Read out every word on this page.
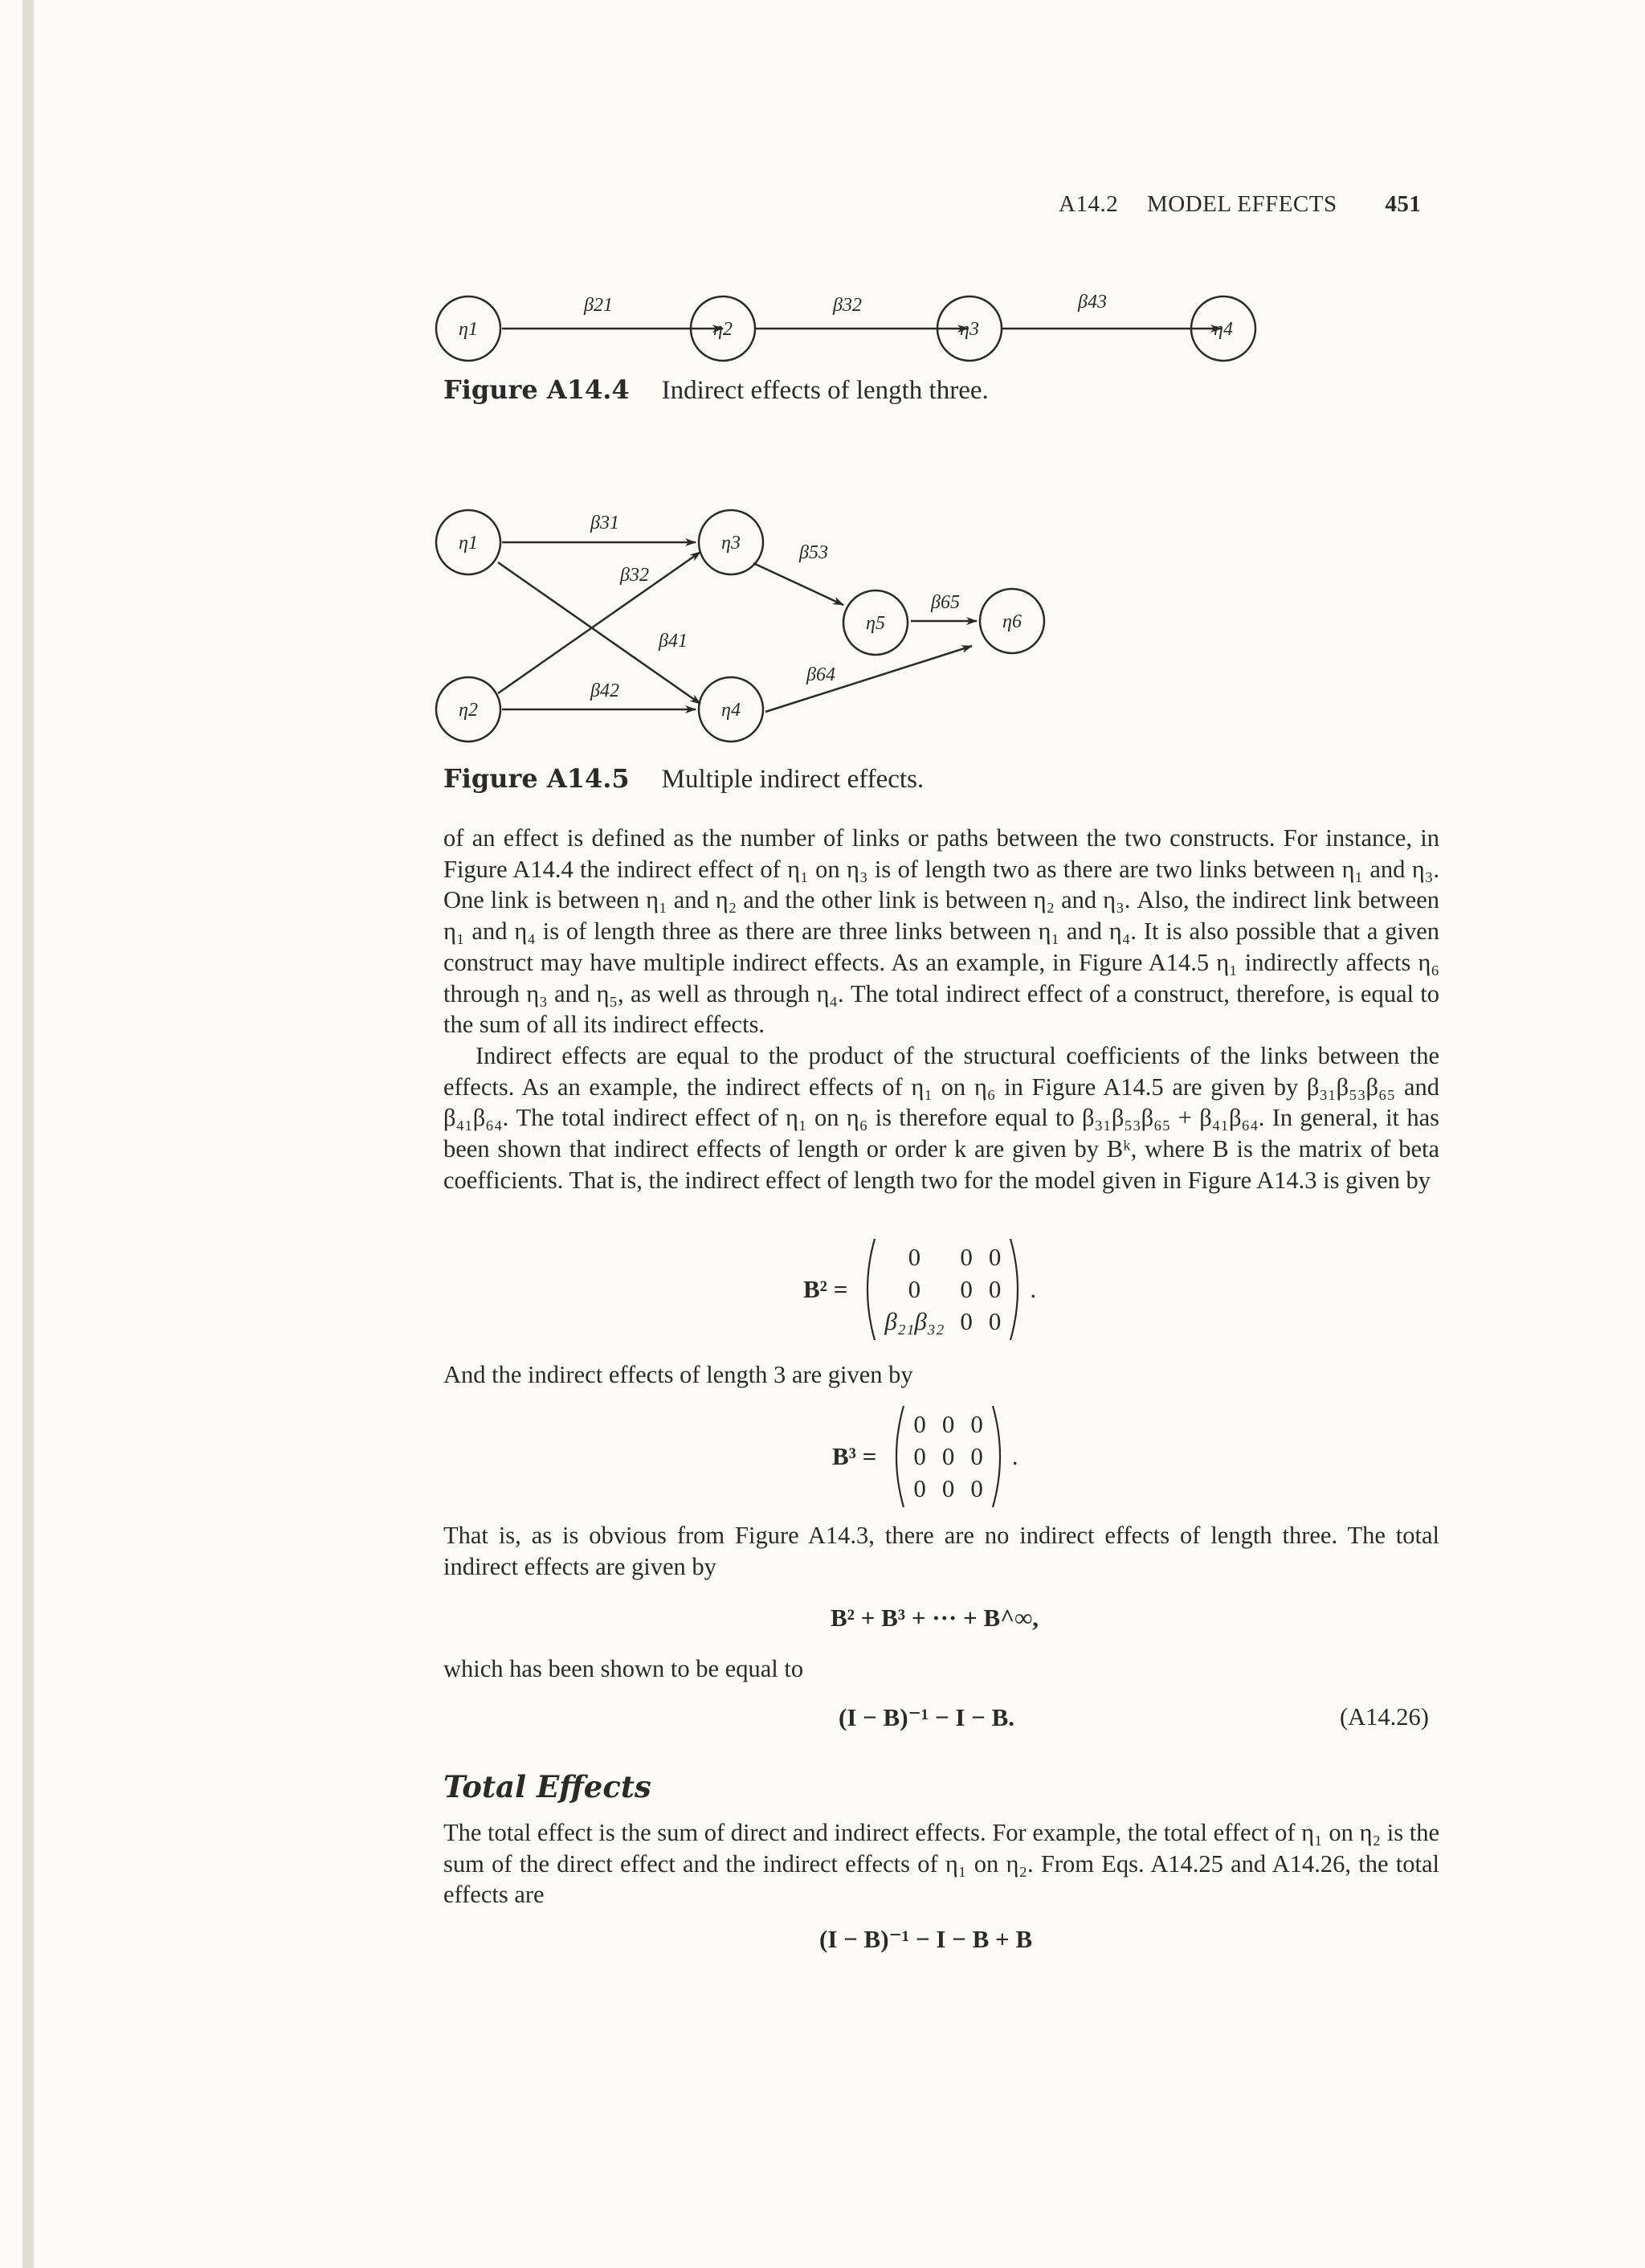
A14.2 MODEL EFFECTS 451
η1	η2	η3	η4
β21	β32	β43
Figure A14.4 Indirect effects of length three.
η1
η2
η3
η4
η5	η6
β31
β32
β41
β42
β53
β64
β65
Figure A14.5 Multiple indirect effects.

of an effect is defined as the number of links or paths between the two constructs. For instance, in Figure A14.4 the indirect effect of η₁ on η₃ is of length two as there are two links between η₁ and η₃. One link is between η₁ and η₂ and the other link is between η₂ and η₃. Also, the indirect link between η₁ and η₄ is of length three as there are three links between η₁ and η₄. It is also possible that a given construct may have multiple indirect effects. As an example, in Figure A14.5 η₁ indirectly affects η₆ through η₃ and η₅, as well as through η₄. The total indirect effect of a construct, therefore, is equal to the sum of all its indirect effects.

Indirect effects are equal to the product of the structural coefficients of the links between the effects. As an example, the indirect effects of η₁ on η₆ in Figure A14.5 are given by β₃₁β₅₃β₆₅ and β₄₁β₆₄. The total indirect effect of η₁ on η₆ is therefore equal to β₃₁β₅₃β₆₅ + β₄₁β₆₄. In general, it has been shown that indirect effects of length or order k are given by Bᵏ, where B is the matrix of beta coefficients. That is, the indirect effect of length two for the model given in Figure A14.3 is given by

B² =
0	0	0
0	0	0
β₂₁β₃₂	0	0
.

And the indirect effects of length 3 are given by

B³ =
0	0	0
0	0	0
0	0	0
.

That is, as is obvious from Figure A14.3, there are no indirect effects of length three. The total indirect effects are given by

B² + B³ + ··· + B^∞,

which has been shown to be equal to

(I − B)⁻¹ − I − B.	(A14.26)
Total Effects

The total effect is the sum of direct and indirect effects. For example, the total effect of η₁ on η₂ is the sum of the direct effect and the indirect effects of η₁ on η₂. From Eqs. A14.25 and A14.26, the total effects are

(I − B)⁻¹ − I − B + B
